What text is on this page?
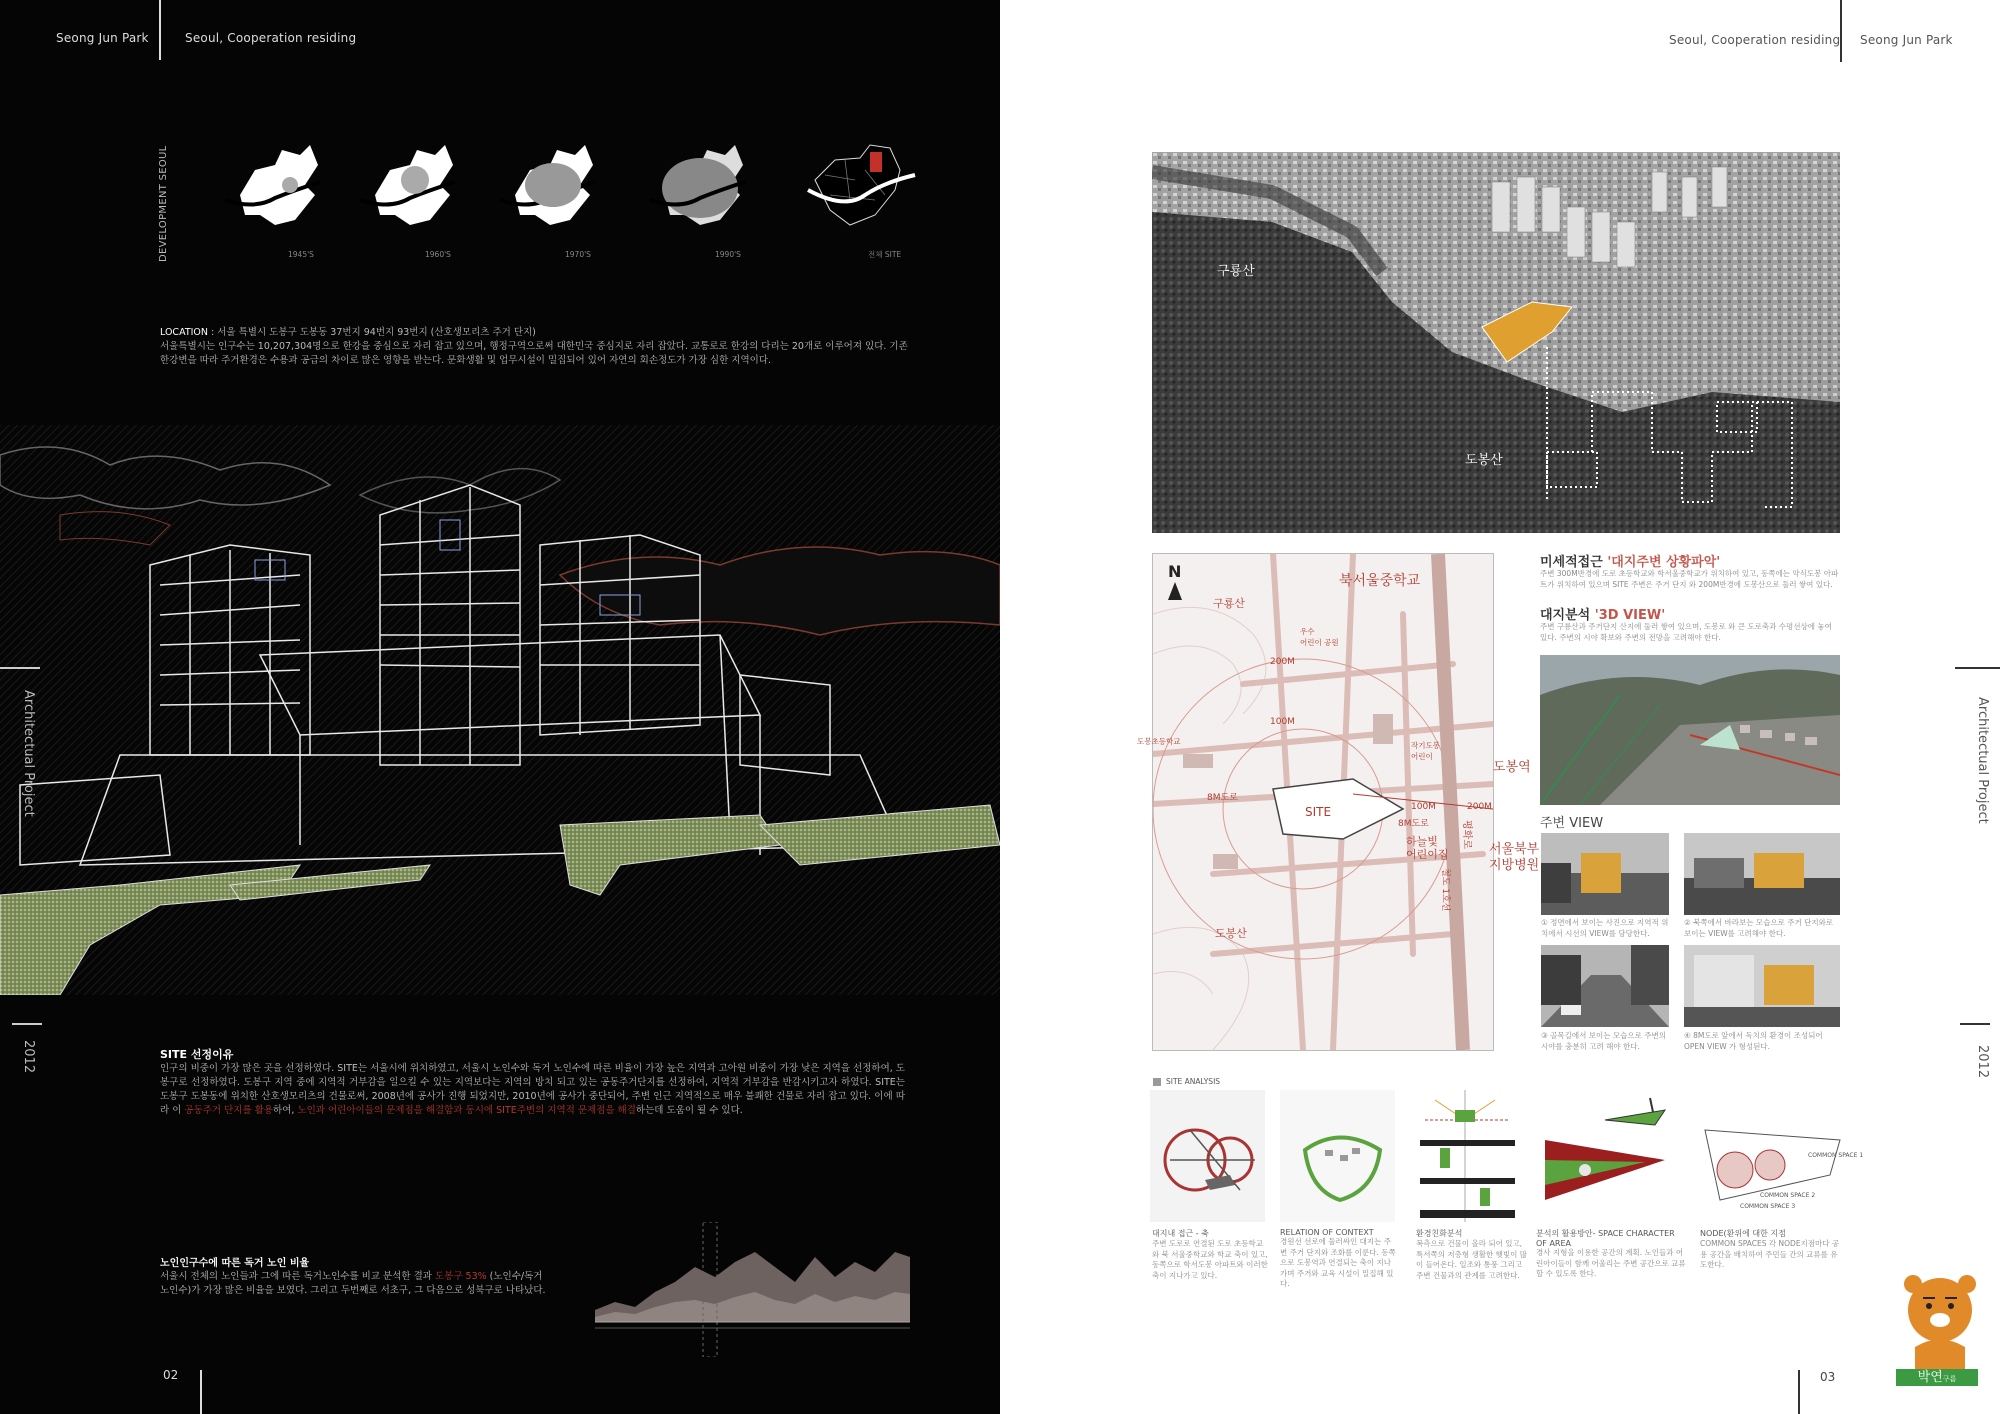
Seong Jun Park	Seoul, Cooperation residing
DEVELOPMENT SEOUL	1945'S	1960'S	1970'S	1990'S	전체 SITE
LOCATION : 서울 특별시 도봉구 도봉동 37번지 94번지 93번지 (산호생모리츠 주거 단지)
서울특별시는 인구수는 10,207,304명으로 한강을 중심으로 자리 잡고 있으며, 행정구역으로써 대한민국 중심지로 자리 잡았다. 교통로로 한강의 다리는 20개로 이루어져 있다. 기존 한강변을 따라 주거환경은 수용과 공급의 차이로 많은 영향을 받는다. 문화생활 및 업무시설이 밀집되어 있어 자연의 회손정도가 가장 심한 지역이다.
Architectual Project
2012	SITE 선정이유
인구의 비중이 가장 많은 곳을 선정하였다. SITE는 서울시에 위치하였고, 서울시 노인수와 독거 노인수에 따른 비율이 가장 높은 지역과 고아원 비중이 가장 낮은 지역을 선정하여, 도봉구로 선정하였다. 도봉구 지역 중에 지역적 거부감을 일으킬 수 있는 지역보다는 지역의 방치 되고 있는 공동주거단지를 선정하여, 지역적 거부감을 반감시키고자 하였다. SITE는 도봉구 도봉동에 위치한 산호생모리츠의 건물로써, 2008년에 공사가 진행 되었지만, 2010년에 공사가 중단되어, 주변 인근 지역적으로 매우 불쾌한 건물로 자리 잡고 있다. 이에 따라 이 공동주거 단지를 활용하여, 노인과 어린아이들의 문제점을 해결함과 동시에 SITE주변의 지역적 문제점을 해결하는데 도움이 될 수 있다.
노인인구수에 따른 독거 노인 비율
서울시 전체의 노인들과 그에 따른 독거노인수를 비교 분석한 결과 도봉구 53% (노인수/독거노인수)가 가장 많은 비율을 보였다. 그리고 두번째로 서초구, 그 다음으로 성북구로 나타났다.
02
Seoul, Cooperation residing Seong Jun Park
구룡산
도봉산
N	북서울중학교
구룡산
우수
어린이 공원
200M
100M
도봉초등학교	작기도봉
어린이
도봉역
8M도로
SITE	100M	200M
8M도로
하늘빛
어린이집	서울북부
지방병원
평화로
철도 1호선
도봉산
미세적접근 '대지주변 상황파악'
주변 300M반경에 도로 초등학교와 학서울중학교가 위치하여 있고, 동쪽에는 약식도봉 아파트가 위치하여 있으며 SITE 주변은 주거 단지 와 200M반경에 도봉산으로 둘러 쌓여 있다.
대지분석 '3D VIEW'
주변 구룡산과 주거단지 산지에 둘러 쌓여 있으며, 도봉로 와 큰 도로축과 수평선상에 놓여 있다. 주변의 시야 확보와 주변의 전망을 고려해야 한다.
주변 VIEW
① 정면에서 보이는 사진으로 지역적 위치에서 시선의 VIEW를 담당한다.
② 북쪽에서 바라보는 모습으로 주거 단지와로 보이는 VIEW를 고려해야 한다.
③ 골목길에서 보이는 모습으로 주변의 시야를 충분히 고려 해야 한다.
④ 8M도로 앞에서 독치의 환경이 조성되어 OPEN VIEW 가 형성된다.
SITE ANALYSIS
COMMON SPACE 1
COMMON SPACE 2
COMMON SPACE 3
대지내 접근 - 축
주변 도로로 연결된 도로 초등학교와 북 서울중학교와 학교 축이 있고, 동쪽으로 학서도봉 아파트와 이러한 축이 지나가고 있다.
RELATION OF CONTEXT
경원선 선로에 둘러싸인 대지는 주변 주거 단지와 조화를 이룬다. 동쪽으로 도봉역과 연결되는 축이 지나가며 주거와 교육 시설이 밀집해 있다.
환경친화분석
복측으로 건물이 올라 되어 있고, 특서쪽의 저층형 생활한 햇빛이 많이 들어온다. 일조와 통풍 그리고 주변 건물과의 관계를 고려한다.
분석의 활용방안- SPACE CHARACTER OF AREA
경사 지형을 이용한 공간의 계획. 노인들과 어린아이들이 함께 어울리는 주변 공간으로 교류할 수 있도록 한다.
NODE(환위에 대한 지점
COMMON SPACES 각 NODE지점마다 공용 공간을 배치하여 주민들 간의 교류를 유도한다.
Architectual Project
2012
03	박연구름
